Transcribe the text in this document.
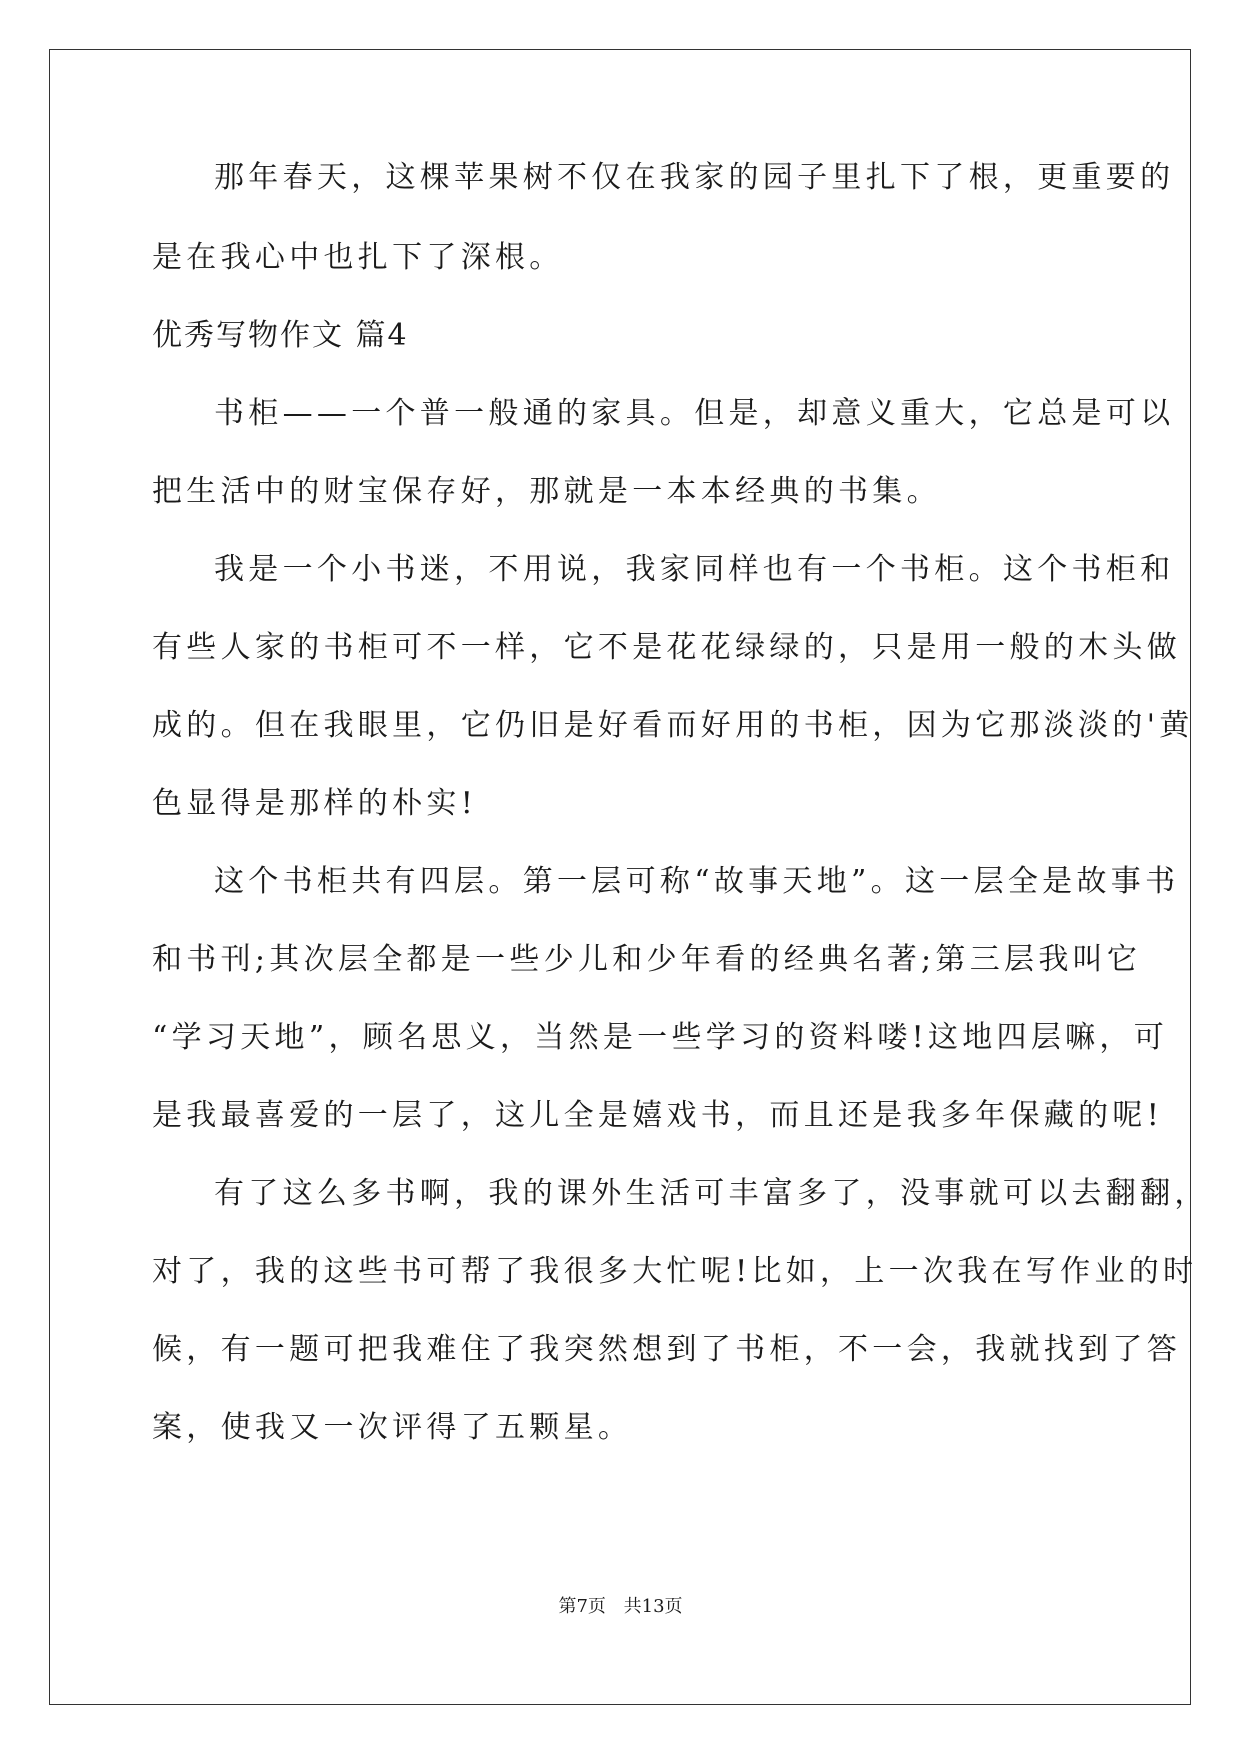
那年春天，这棵苹果树不仅在我家的园子里扎下了根，更重要的
是在我心中也扎下了深根。
优秀写物作文 篇4
书柜——一个普一般通的家具。但是，却意义重大，它总是可以
把生活中的财宝保存好，那就是一本本经典的书集。
我是一个小书迷，不用说，我家同样也有一个书柜。这个书柜和
有些人家的书柜可不一样，它不是花花绿绿的，只是用一般的木头做
成的。但在我眼里，它仍旧是好看而好用的书柜，因为它那淡淡的'黄
色显得是那样的朴实!
这个书柜共有四层。第一层可称“故事天地”。这一层全是故事书
和书刊;其次层全都是一些少儿和少年看的经典名著;第三层我叫它
“学习天地”，顾名思义，当然是一些学习的资料喽!这地四层嘛，可
是我最喜爱的一层了，这儿全是嬉戏书，而且还是我多年保藏的呢!
有了这么多书啊，我的课外生活可丰富多了，没事就可以去翻翻，
对了，我的这些书可帮了我很多大忙呢!比如，上一次我在写作业的时
候，有一题可把我难住了我突然想到了书柜，不一会，我就找到了答
案，使我又一次评得了五颗星。
第7页 共13页
